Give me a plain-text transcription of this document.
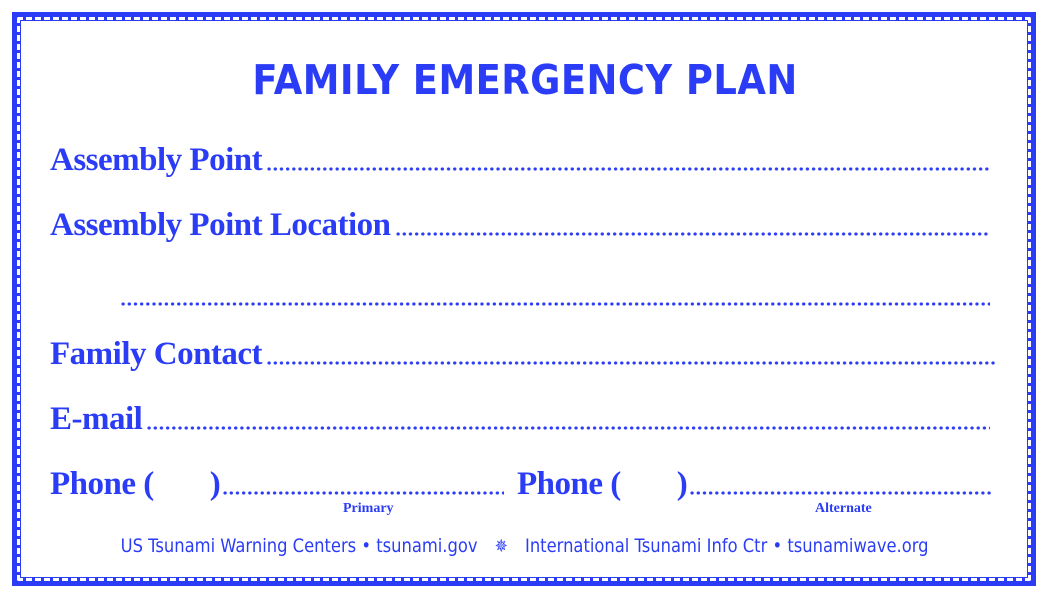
FAMILY EMERGENCY PLAN
Assembly Point
Assembly Point Location
Family Contact
E-mail
Phone ( )
Primary
Phone ( )
Alternate
US Tsunami Warning Centers • tsunami.gov ✵ International Tsunami Info Ctr • tsunamiwave.org
